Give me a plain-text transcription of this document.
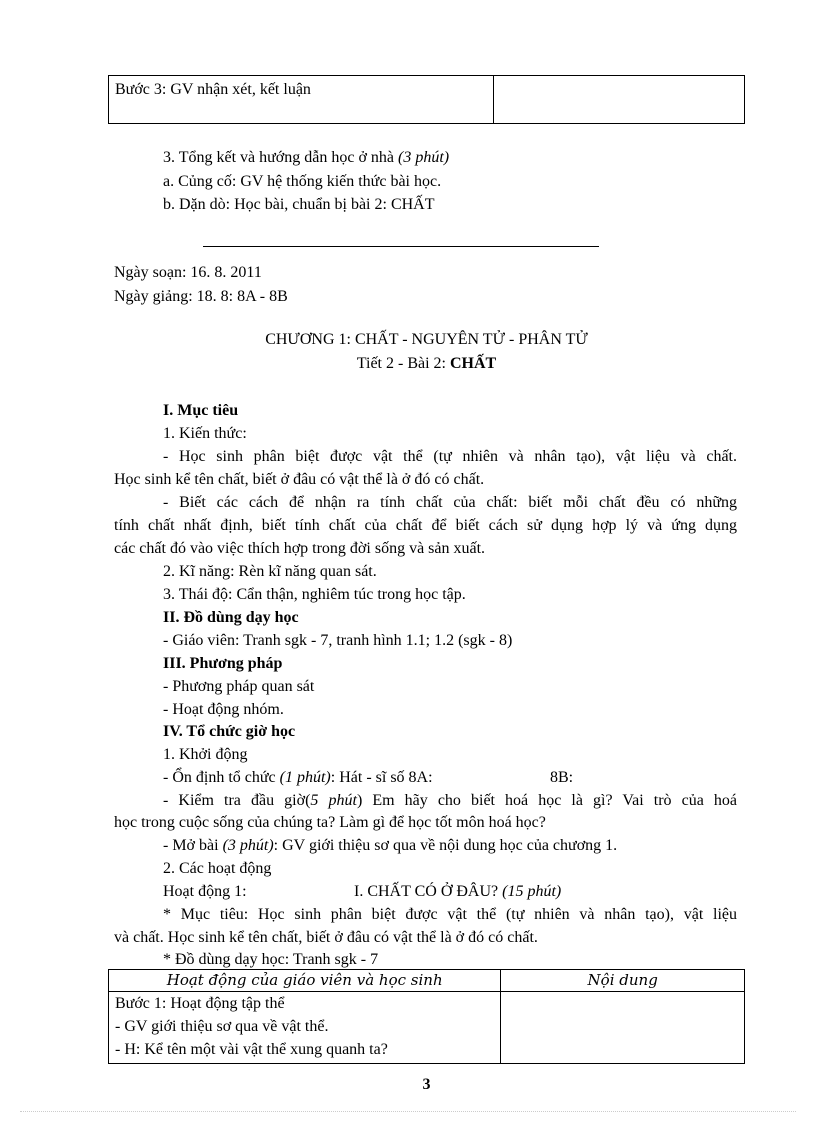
Bước 3: GV nhận xét, kết luận	
3. Tổng kết và hướng dẫn học ở nhà (3 phút)
a. Củng cố: GV hệ thống kiến thức bài học.
b. Dặn dò: Học bài, chuẩn bị bài 2: CHẤT
Ngày soạn: 16. 8. 2011
Ngày giảng: 18. 8: 8A - 8B
CHƯƠNG 1: CHẤT - NGUYÊN TỬ - PHÂN TỬ
Tiết 2 - Bài 2: CHẤT
I. Mục tiêu
1. Kiến thức:
- Học sinh phân biệt được vật thể (tự nhiên và nhân tạo), vật liệu và chất.
Học sinh kể tên chất, biết ở đâu có vật thể là ở đó có chất.
- Biết các cách để nhận ra tính chất của chất: biết mỗi chất đều có những
tính chất nhất định, biết tính chất của chất để biết cách sử dụng hợp lý và ứng dụng
các chất đó vào việc thích hợp trong đời sống và sản xuất.
2. Kĩ năng: Rèn kĩ năng quan sát.
3. Thái độ: Cẩn thận, nghiêm túc trong học tập.
II. Đồ dùng dạy học
- Giáo viên: Tranh sgk - 7, tranh hình 1.1; 1.2 (sgk - 8)
III. Phương pháp
- Phương pháp quan sát
- Hoạt động nhóm.
IV. Tổ chức giờ học
1. Khởi động
- Ổn định tổ chức (1 phút): Hát - sĩ số 8A:	8B:
- Kiểm tra đầu giờ(5 phút) Em hãy cho biết hoá học là gì? Vai trò của hoá
học trong cuộc sống của chúng ta? Làm gì để học tốt môn hoá học?
- Mở bài (3 phút): GV giới thiệu sơ qua về nội dung học của chương 1.
2. Các hoạt động
Hoạt động 1:	I. CHẤT CÓ Ở ĐÂU? (15 phút)
* Mục tiêu: Học sinh phân biệt được vật thể (tự nhiên và nhân tạo), vật liệu
và chất. Học sinh kể tên chất, biết ở đâu có vật thể là ở đó có chất.
* Đồ dùng dạy học: Tranh sgk - 7
Hoạt động của giáo viên và học sinh	Nội dung

Bước 1: Hoạt động tập thể
- GV giới thiệu sơ qua về vật thể.
- H: Kể tên một vài vật thể xung quanh ta?	

3
